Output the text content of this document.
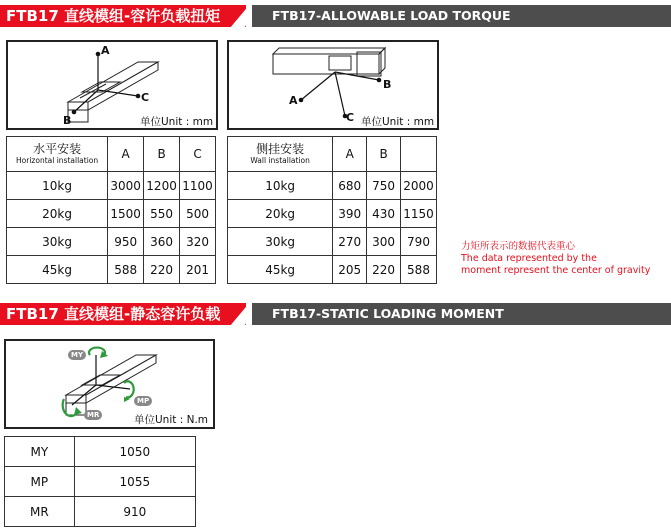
FTB17 直线模组-容许负载扭矩	FTB17-ALLOWABLE LOAD TORQUE
A
C
B	单位Unit : mm
A
B
C 单位Unit : mm
水平安装
Horizontal installation	A	B	C
10kg	3000	1200	1100
20kg	1500	550	500
30kg	950	360	320
45kg	588	220	201
侧挂安装
Wall installation	A	B	
10kg	680	750	2000
20kg	390	430	1150
30kg	270	300	790
45kg	205	220	588
力矩所表示的数据代表重心
The data represented by the
moment represent the center of gravity
FTB17 直线模组-静态容许负载	FTB17-STATIC LOADING MOMENT
MY
MP
MR	单位Unit : N.m
MY	1050
MP	1055
MR	910
